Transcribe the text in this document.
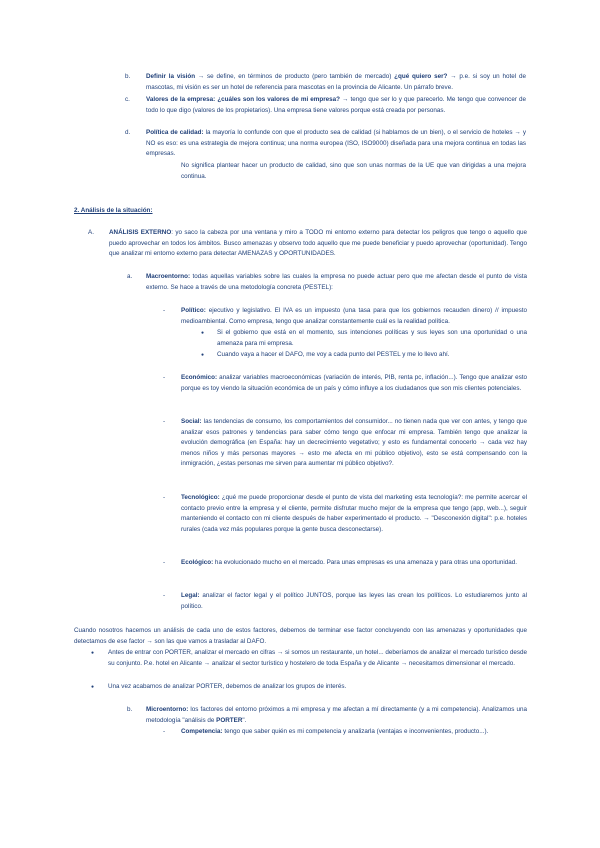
b. Definir la visión → se define, en términos de producto (pero también de mercado) ¿qué quiero ser? → p.e. si soy un hotel de mascotas, mi visión es ser un hotel de referencia para mascotas en la provincia de Alicante. Un párrafo breve.

c.	Valores de la empresa: ¿cuáles son los valores de mi empresa? → tengo que ser lo y que parecerlo. Me tengo que convencer de todo lo que digo (valores de los propietarios). Una empresa tiene valores porque está creada por personas.

d. Política de calidad: la mayoría lo confunde con que el producto sea de calidad (si hablamos de un bien), o el servicio de hoteles → y NO es eso: es una estrategia de mejora continua; una norma europea (ISO, ISO9000) diseñada para una mejora continua en todas las empresas.

No significa plantear hacer un producto de calidad, sino que son unas normas de la UE que van dirigidas a una mejora continua.

2. Análisis de la situación:

A. ANÁLISIS EXTERNO: yo saco la cabeza por una ventana y miro a TODO mi entorno externo para detectar los peligros que tengo o aquello que puedo aprovechar en todos los ámbitos. Busco amenazas y observo todo aquello que me puede beneficiar y puedo aprovechar (oportunidad). Tengo que analizar mi entorno externo para detectar AMENAZAS y OPORTUNIDADES.

a. Macroentorno: todas aquellas variables sobre las cuales la empresa no puede actuar pero que me afectan desde el punto de vista externo. Se hace a través de una metodología concreta (PESTEL):

-	Político: ejecutivo y legislativo. El IVA es un impuesto (una tasa para que los gobiernos recauden dinero) // impuesto medioambiental. Como empresa, tengo que analizar constantemente cuál es la realidad política.

● Si el gobierno que está en el momento, sus intenciones políticas y sus leyes son una oportunidad o una amenaza para mi empresa.

● Cuando vaya a hacer el DAFO, me voy a cada punto del PESTEL y me lo llevo ahí.

-	Económico: analizar variables macroeconómicas (variación de interés, PIB, renta pc, inflación...). Tengo que analizar esto porque es toy viendo la situación económica de un país y cómo influye a los ciudadanos que son mis clientes potenciales.

-	Social: las tendencias de consumo, los comportamientos del consumidor... no tienen nada que ver con antes, y tengo que analizar esos patrones y tendencias para saber cómo tengo que enfocar mi empresa. También tengo que analizar la evolución demográfica (en España: hay un decrecimiento vegetativo; y esto es fundamental conocerlo → cada vez hay menos niños y más personas mayores → esto me afecta en mi público objetivo), esto se está compensando con la inmigración, ¿estas personas me sirven para aumentar mi público objetivo?.

-	Tecnológico: ¿qué me puede proporcionar desde el punto de vista del marketing esta tecnología?: me permite acercar el contacto previo entre la empresa y el cliente, permite disfrutar mucho mejor de la empresa que tengo (app, web...), seguir manteniendo el contacto con mi cliente después de haber experimentado el producto. → "Desconexión digital": p.e. hoteles rurales (cada vez más populares porque la gente busca desconectarse).

-	Ecológico: ha evolucionado mucho en el mercado. Para unas empresas es una amenaza y para otras una oportunidad.

-	Legal: analizar el factor legal y el político JUNTOS, porque las leyes las crean los políticos. Lo estudiaremos junto al político.

Cuando nosotros hacemos un análisis de cada uno de estos factores, debemos de terminar ese factor concluyendo con las amenazas y oportunidades que detectamos de ese factor → son las que vamos a trasladar al DAFO.

● Antes de entrar con PORTER, analizar el mercado en cifras → si somos un restaurante, un hotel... deberíamos de analizar el mercado turístico desde su conjunto. P.e. hotel en Alicante → analizar el sector turístico y hostelero de toda España y de Alicante → necesitamos dimensionar el mercado.

● Una vez acabamos de analizar PORTER, debemos de analizar los grupos de interés.

b. Microentorno: los factores del entorno próximos a mi empresa y me afectan a mí directamente (y a mi competencia). Analizamos una metodología "análisis de PORTER".

-	Competencia: tengo que saber quién es mi competencia y analizarla (ventajas e inconvenientes, producto...).
